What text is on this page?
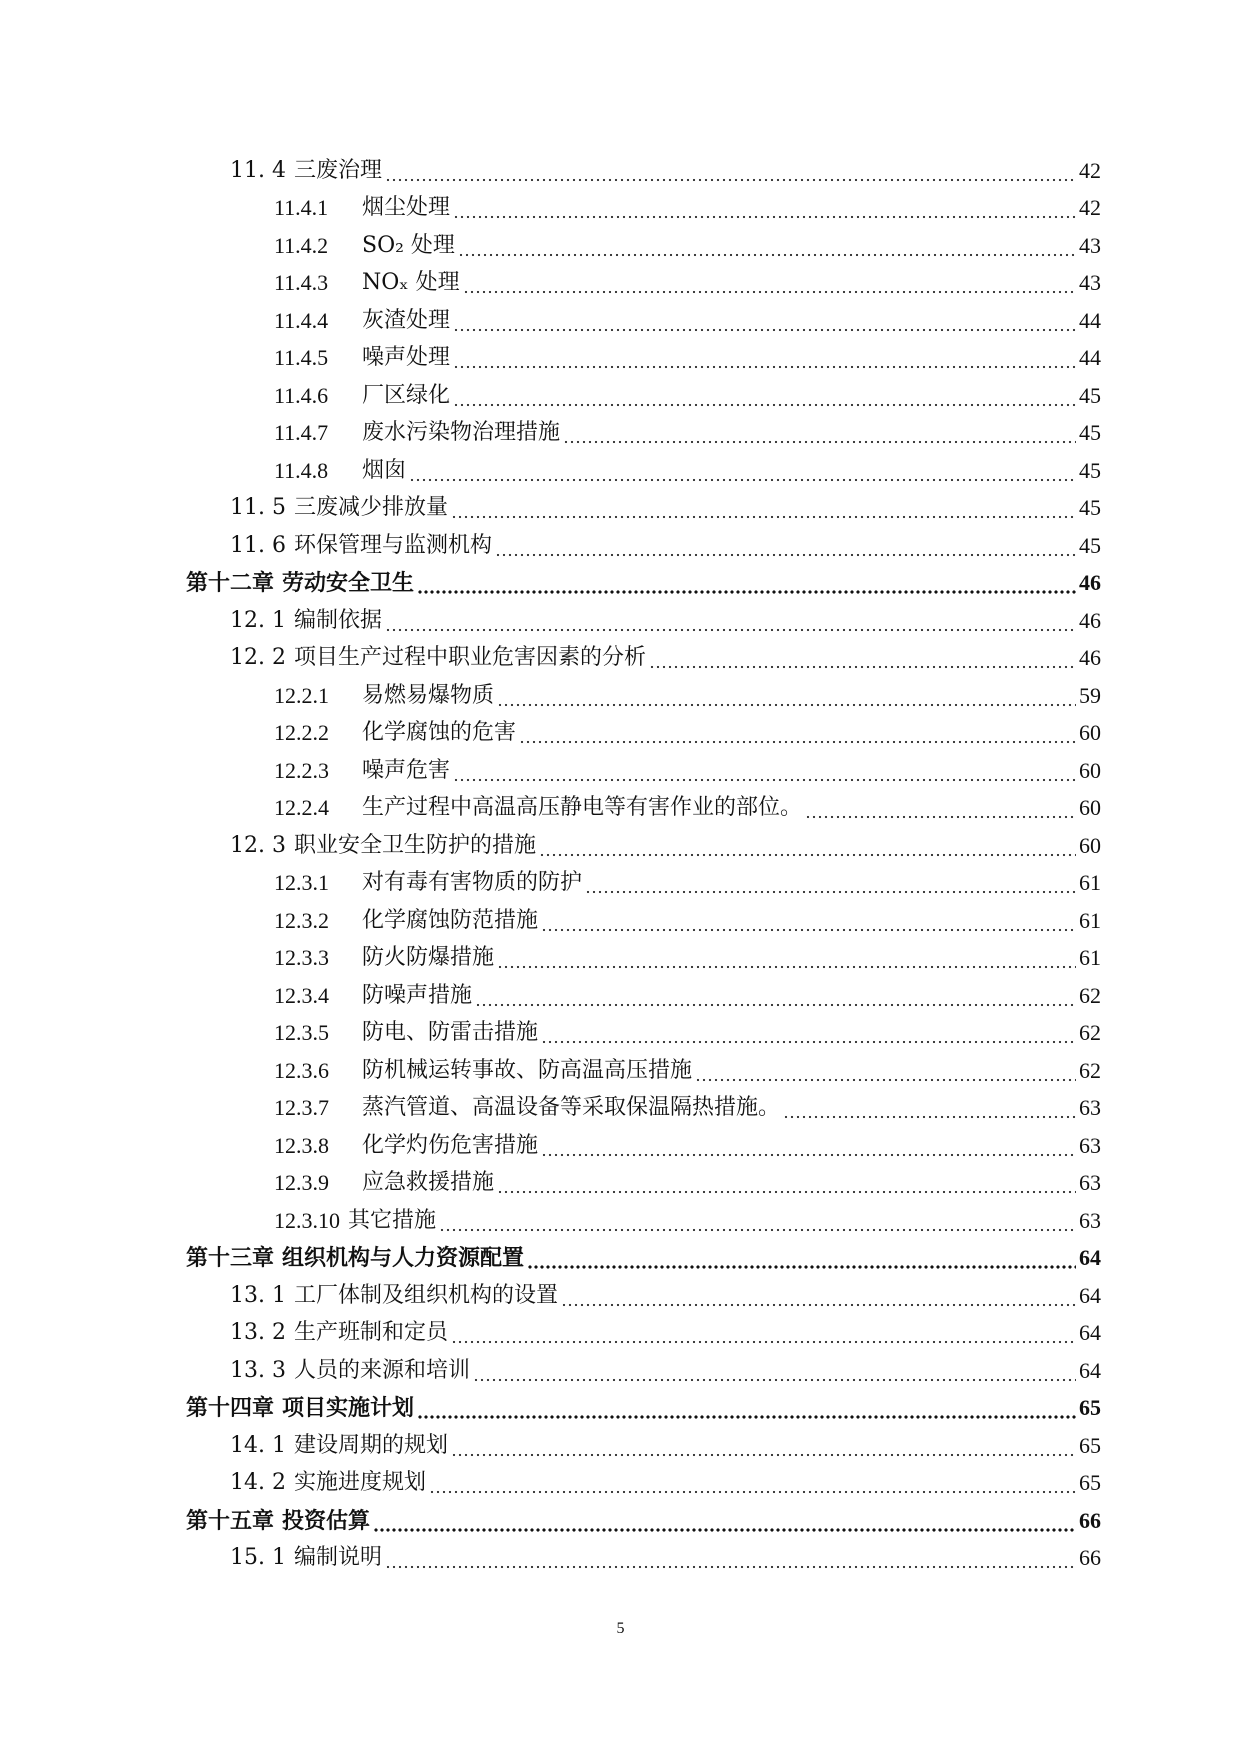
11. 4 三废治理	42
11.4.1	烟尘处理	42
11.4.2	SO₂ 处理	43
11.4.3	NOₓ 处理	43
11.4.4	灰渣处理	44
11.4.5	噪声处理	44
11.4.6	厂区绿化	45
11.4.7	废水污染物治理措施	45
11.4.8	烟囱	45
11. 5 三废减少排放量	45
11. 6 环保管理与监测机构	45
第十二章 劳动安全卫生	46
12. 1 编制依据	46
12. 2 项目生产过程中职业危害因素的分析	46
12.2.1	易燃易爆物质	59
12.2.2	化学腐蚀的危害	60
12.2.3	噪声危害	60
12.2.4	生产过程中高温高压静电等有害作业的部位。	60
12. 3 职业安全卫生防护的措施	60
12.3.1	对有毒有害物质的防护	61
12.3.2	化学腐蚀防范措施	61
12.3.3	防火防爆措施	61
12.3.4	防噪声措施	62
12.3.5	防电、防雷击措施	62
12.3.6	防机械运转事故、防高温高压措施	62
12.3.7	蒸汽管道、高温设备等采取保温隔热措施。	63
12.3.8	化学灼伤危害措施	63
12.3.9	应急救援措施	63
12.3.10 其它措施	63
第十三章 组织机构与人力资源配置	64
13. 1 工厂体制及组织机构的设置	64
13. 2 生产班制和定员	64
13. 3 人员的来源和培训	64
第十四章 项目实施计划	65
14. 1 建设周期的规划	65
14. 2 实施进度规划	65
第十五章 投资估算	66
15. 1 编制说明	66
5
